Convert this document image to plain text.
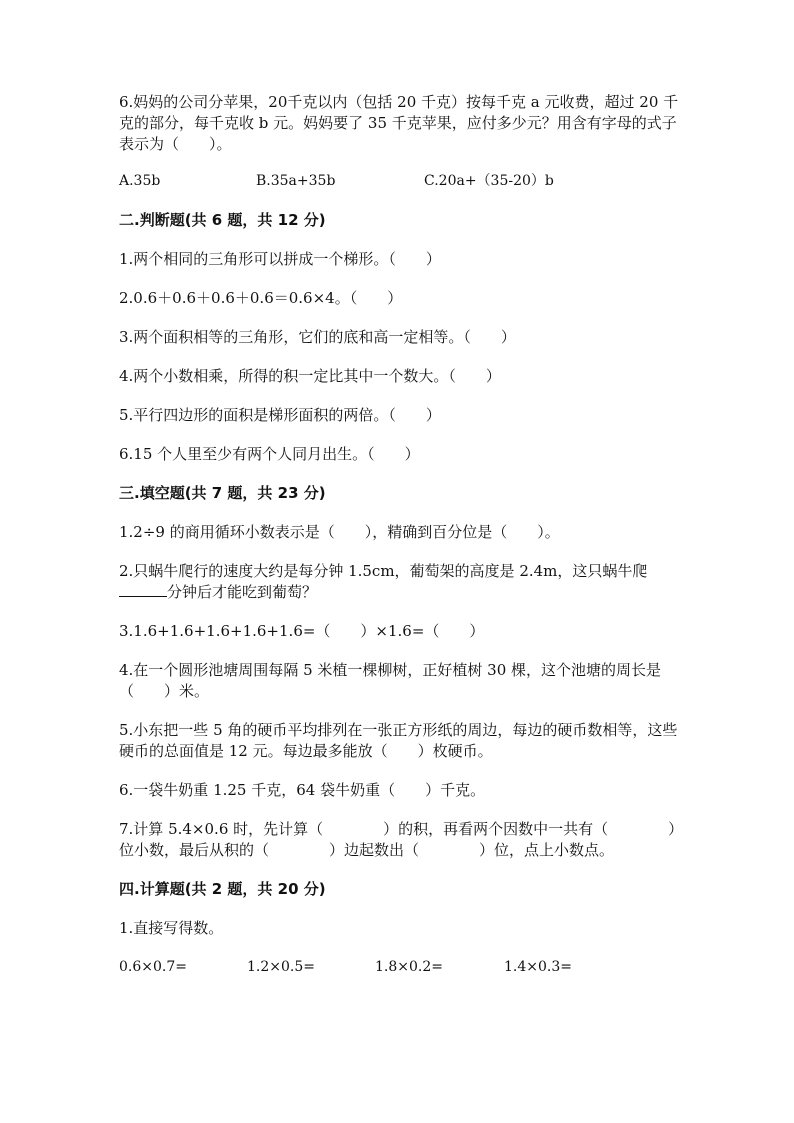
6.妈妈的公司分苹果，20千克以内（包括 20 千克）按每千克 a 元收费，超过 20 千克的部分，每千克收 b 元。妈妈要了 35 千克苹果，应付多少元？用含有字母的式子表示为（　　）。

A.35b	B.35a+35b	C.20a+（35-20）b

二.判断题(共 6 题，共 12 分)

1.两个相同的三角形可以拼成一个梯形。（　　）

2.0.6＋0.6＋0.6＋0.6＝0.6×4。（　　）

3.两个面积相等的三角形，它们的底和高一定相等。（　　）

4.两个小数相乘，所得的积一定比其中一个数大。（　　）

5.平行四边形的面积是梯形面积的两倍。（　　）

6.15 个人里至少有两个人同月出生。（　　）

三.填空题(共 7 题，共 23 分)

1.2÷9 的商用循环小数表示是（　　），精确到百分位是（　　）。

2.只蜗牛爬行的速度大约是每分钟 1.5cm，葡萄架的高度是 2.4m，这只蜗牛爬

分钟后才能吃到葡萄？

3.1.6+1.6+1.6+1.6+1.6=（　　）×1.6=（　　）

4.在一个圆形池塘周围每隔 5 米植一棵柳树，正好植树 30 棵，这个池塘的周长是（　　）米。

5.小东把一些 5 角的硬币平均排列在一张正方形纸的周边，每边的硬币数相等，这些硬币的总面值是 12 元。每边最多能放（　　）枚硬币。

6.一袋牛奶重 1.25 千克，64 袋牛奶重（　　）千克。

7.计算 5.4×0.6 时，先计算（　　　　）的积，再看两个因数中一共有（　　　　）位小数，最后从积的（　　　　）边起数出（　　　　）位，点上小数点。

四.计算题(共 2 题，共 20 分)

1.直接写得数。

0.6×0.7=	1.2×0.5=	1.8×0.2=	1.4×0.3=
